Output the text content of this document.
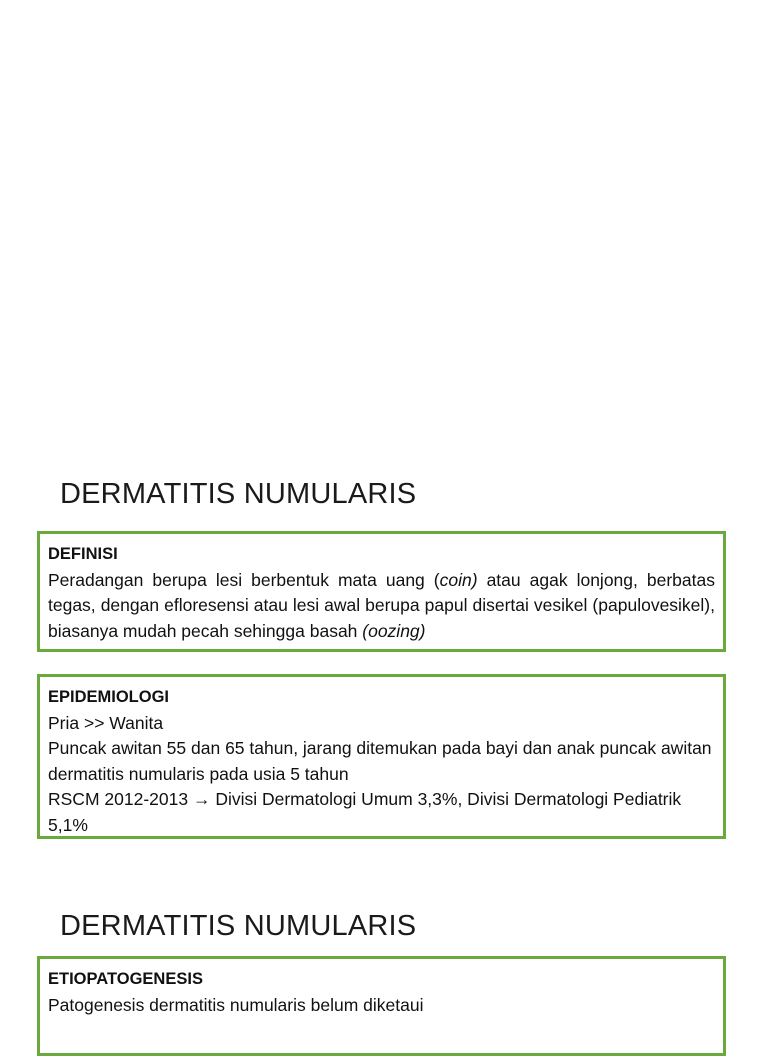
DERMATITIS NUMULARIS
DEFINISI
Peradangan berupa lesi berbentuk mata uang (coin) atau agak lonjong, berbatas tegas, dengan efloresensi atau lesi awal berupa papul disertai vesikel (papulovesikel), biasanya mudah pecah sehingga basah (oozing)
EPIDEMIOLOGI
Pria >> Wanita
Puncak awitan 55 dan 65 tahun, jarang ditemukan pada bayi dan anak puncak awitan dermatitis numularis pada usia 5 tahun
RSCM 2012-2013 → Divisi Dermatologi Umum 3,3%, Divisi Dermatologi Pediatrik 5,1%
DERMATITIS NUMULARIS
ETIOPATOGENESIS
Patogenesis dermatitis numularis belum diketaui
